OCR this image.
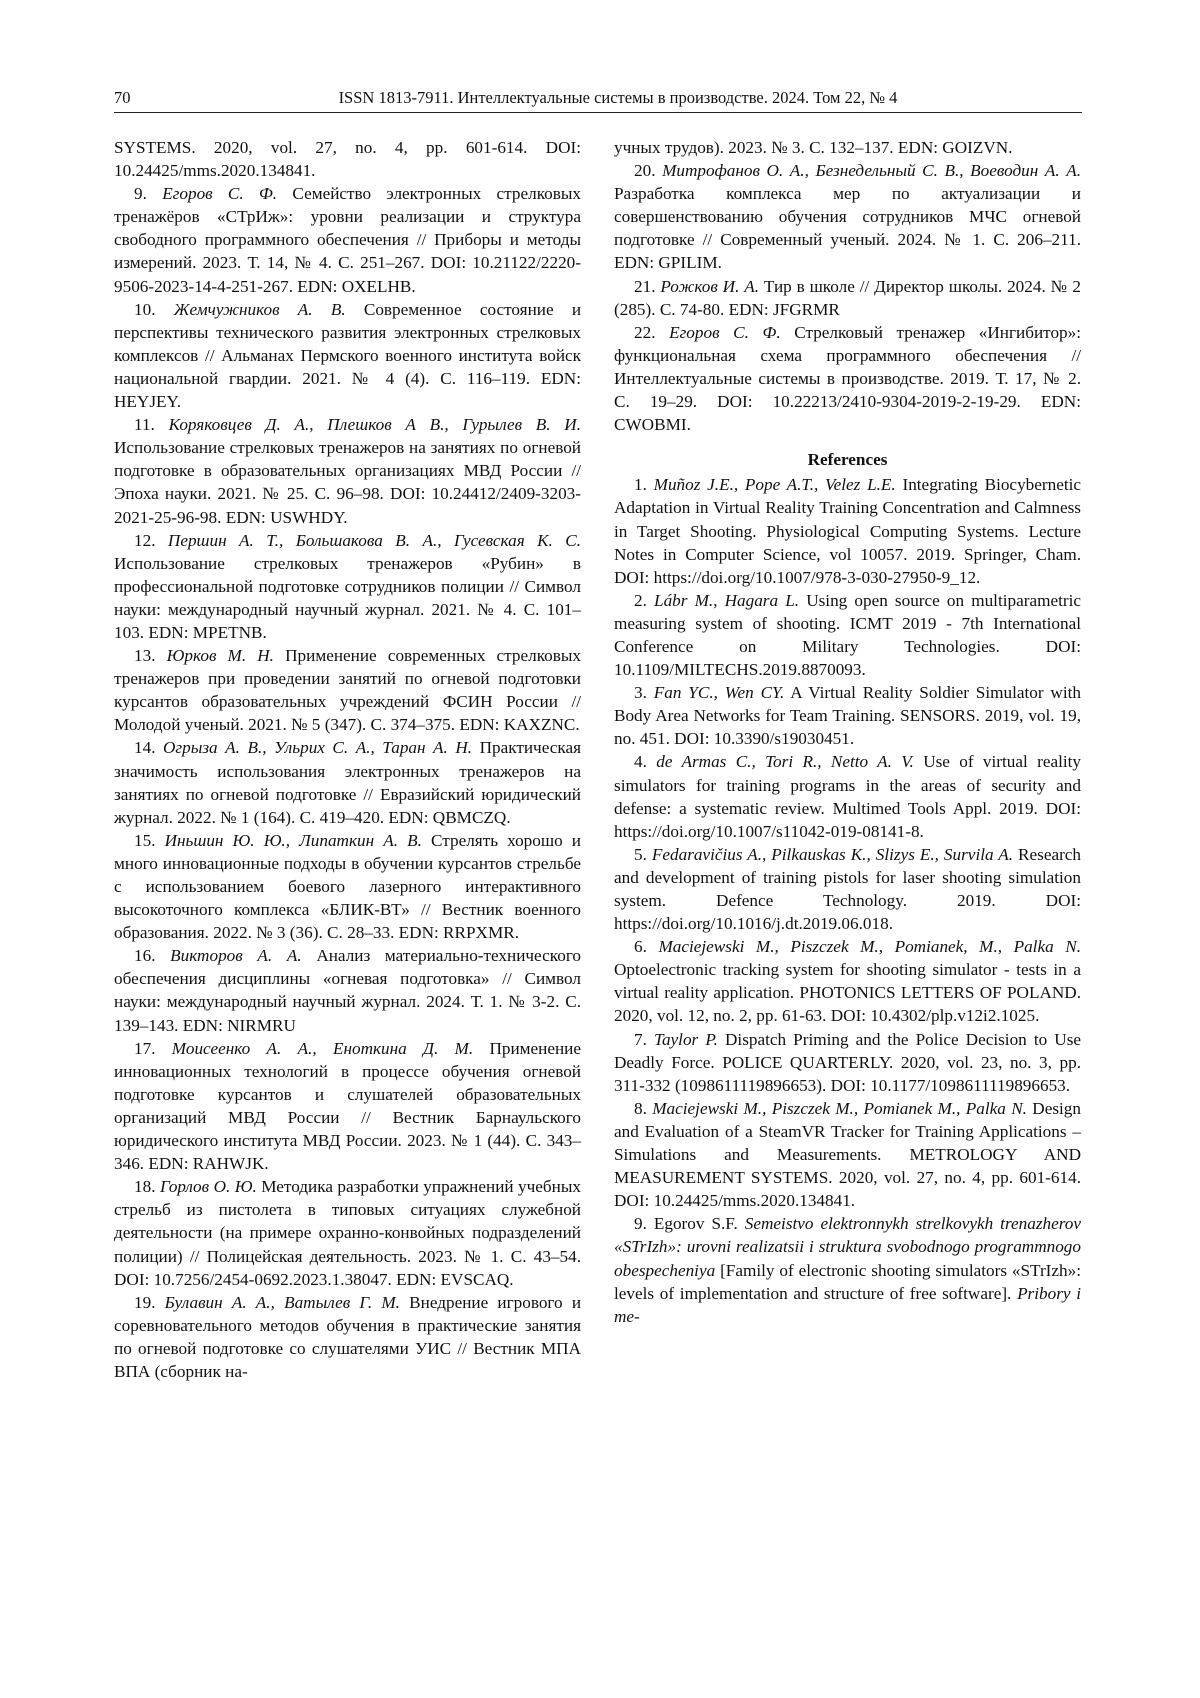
70	ISSN 1813-7911. Интеллектуальные системы в производстве. 2024. Том 22, № 4

SYSTEMS. 2020, vol. 27, no. 4, pp. 601-614. DOI: 10.24425/mms.2020.134841.

9. Егоров С. Ф. Семейство электронных стрелковых тренажёров «СТрИж»: уровни реализации и структура свободного программного обеспечения // Приборы и методы измерений. 2023. Т. 14, № 4. С. 251–267. DOI: 10.21122/2220-9506-2023-14-4-251-267. EDN: OXELHB.

10. Жемчужников А. В. Современное состояние и перспективы технического развития электронных стрелковых комплексов // Альманах Пермского военного института войск национальной гвардии. 2021. № 4 (4). С. 116–119. EDN: HEYJEY.

11. Коряковцев Д. А., Плешков А В., Гурылев В. И. Использование стрелковых тренажеров на занятиях по огневой подготовке в образовательных организациях МВД России // Эпоха науки. 2021. № 25. С. 96–98. DOI: 10.24412/2409-3203-2021-25-96-98. EDN: USWHDY.

12. Першин А. Т., Большакова В. А., Гусевская К. С. Использование стрелковых тренажеров «Рубин» в профессиональной подготовке сотрудников полиции // Символ науки: международный научный журнал. 2021. № 4. С. 101–103. EDN: MPETNB.

13. Юрков М. Н. Применение современных стрелковых тренажеров при проведении занятий по огневой подготовки курсантов образовательных учреждений ФСИН России // Молодой ученый. 2021. № 5 (347). С. 374–375. EDN: KAXZNC.

14. Огрыза А. В., Ульрих С. А., Таран А. Н. Практическая значимость использования электронных тренажеров на занятиях по огневой подготовке // Евразийский юридический журнал. 2022. № 1 (164). С. 419–420. EDN: QBMCZQ.

15. Иньшин Ю. Ю., Липаткин А. В. Стрелять хорошо и много инновационные подходы в обучении курсантов стрельбе с использованием боевого лазерного интерактивного высокоточного комплекса «БЛИК-ВТ» // Вестник военного образования. 2022. № 3 (36). С. 28–33. EDN: RRPXMR.

16. Викторов А. А. Анализ материально-технического обеспечения дисциплины «огневая подготовка» // Символ науки: международный научный журнал. 2024. Т. 1. № 3-2. С. 139–143. EDN: NIRMRU

17. Моисеенко А. А., Еноткина Д. М. Применение инновационных технологий в процессе обучения огневой подготовке курсантов и слушателей образовательных организаций МВД России // Вестник Барнаульского юридического института МВД России. 2023. № 1 (44). С. 343–346. EDN: RAHWJK.

18. Горлов О. Ю. Методика разработки упражнений учебных стрельб из пистолета в типовых ситуациях служебной деятельности (на примере охранно-конвойных подразделений полиции) // Полицейская деятельность. 2023. № 1. С. 43–54. DOI: 10.7256/2454-0692.2023.1.38047. EDN: EVSCAQ.

19. Булавин А. А., Ватылев Г. М. Внедрение игрового и соревновательного методов обучения в практические занятия по огневой подготовке со слушателями УИС // Вестник МПА ВПА (сборник на-

учных трудов). 2023. № 3. С. 132–137. EDN: GOIZVN.

20. Митрофанов О. А., Безнедельный С. В., Воеводин А. А. Разработка комплекса мер по актуализации и совершенствованию обучения сотрудников МЧС огневой подготовке // Современный ученый. 2024. № 1. С. 206–211. EDN: GPILIM.

21. Рожков И. А. Тир в школе // Директор школы. 2024. № 2 (285). С. 74-80. EDN: JFGRMR

22. Егоров С. Ф. Стрелковый тренажер «Ингибитор»: функциональная схема программного обеспечения // Интеллектуальные системы в производстве. 2019. Т. 17, № 2. С. 19–29. DOI: 10.22213/2410-9304-2019-2-19-29. EDN: CWOBMI.

References

1. Muñoz J.E., Pope A.T., Velez L.E. Integrating Biocybernetic Adaptation in Virtual Reality Training Concentration and Calmness in Target Shooting. Physiological Computing Systems. Lecture Notes in Computer Science, vol 10057. 2019. Springer, Cham. DOI: https://doi.org/10.1007/978-3-030-27950-9_12.

2. Lábr M., Hagara L. Using open source on multiparametric measuring system of shooting. ICMT 2019 - 7th International Conference on Military Technologies. DOI: 10.1109/MILTECHS.2019.8870093.

3. Fan YC., Wen CY. A Virtual Reality Soldier Simulator with Body Area Networks for Team Training. SENSORS. 2019, vol. 19, no. 451. DOI: 10.3390/s19030451.

4. de Armas C., Tori R., Netto A. V. Use of virtual reality simulators for training programs in the areas of security and defense: a systematic review. Multimed Tools Appl. 2019. DOI: https://doi.org/10.1007/s11042-019-08141-8.

5. Fedaravičius A., Pilkauskas K., Slizys E., Survila A. Research and development of training pistols for laser shooting simulation system. Defence Technology. 2019. DOI: https://doi.org/10.1016/j.dt.2019.06.018.

6. Maciejewski M., Piszczek M., Pomianek, M., Palka N. Optoelectronic tracking system for shooting simulator - tests in a virtual reality application. PHOTONICS LETTERS OF POLAND. 2020, vol. 12, no. 2, pp. 61-63. DOI: 10.4302/plp.v12i2.1025.

7. Taylor P. Dispatch Priming and the Police Decision to Use Deadly Force. POLICE QUARTERLY. 2020, vol. 23, no. 3, pp. 311-332 (1098611119896653). DOI: 10.1177/1098611119896653.

8. Maciejewski M., Piszczek M., Pomianek M., Palka N. Design and Evaluation of a SteamVR Tracker for Training Applications – Simulations and Measurements. METROLOGY AND MEASUREMENT SYSTEMS. 2020, vol. 27, no. 4, pp. 601-614. DOI: 10.24425/mms.2020.134841.

9. Egorov S.F. Semeistvo elektronnykh strelkovykh trenazherov «STrIzh»: urovni realizatsii i struktura svobodnogo programmnogo obespecheniya [Family of electronic shooting simulators «STrIzh»: levels of implementation and structure of free software]. Pribory i me-
